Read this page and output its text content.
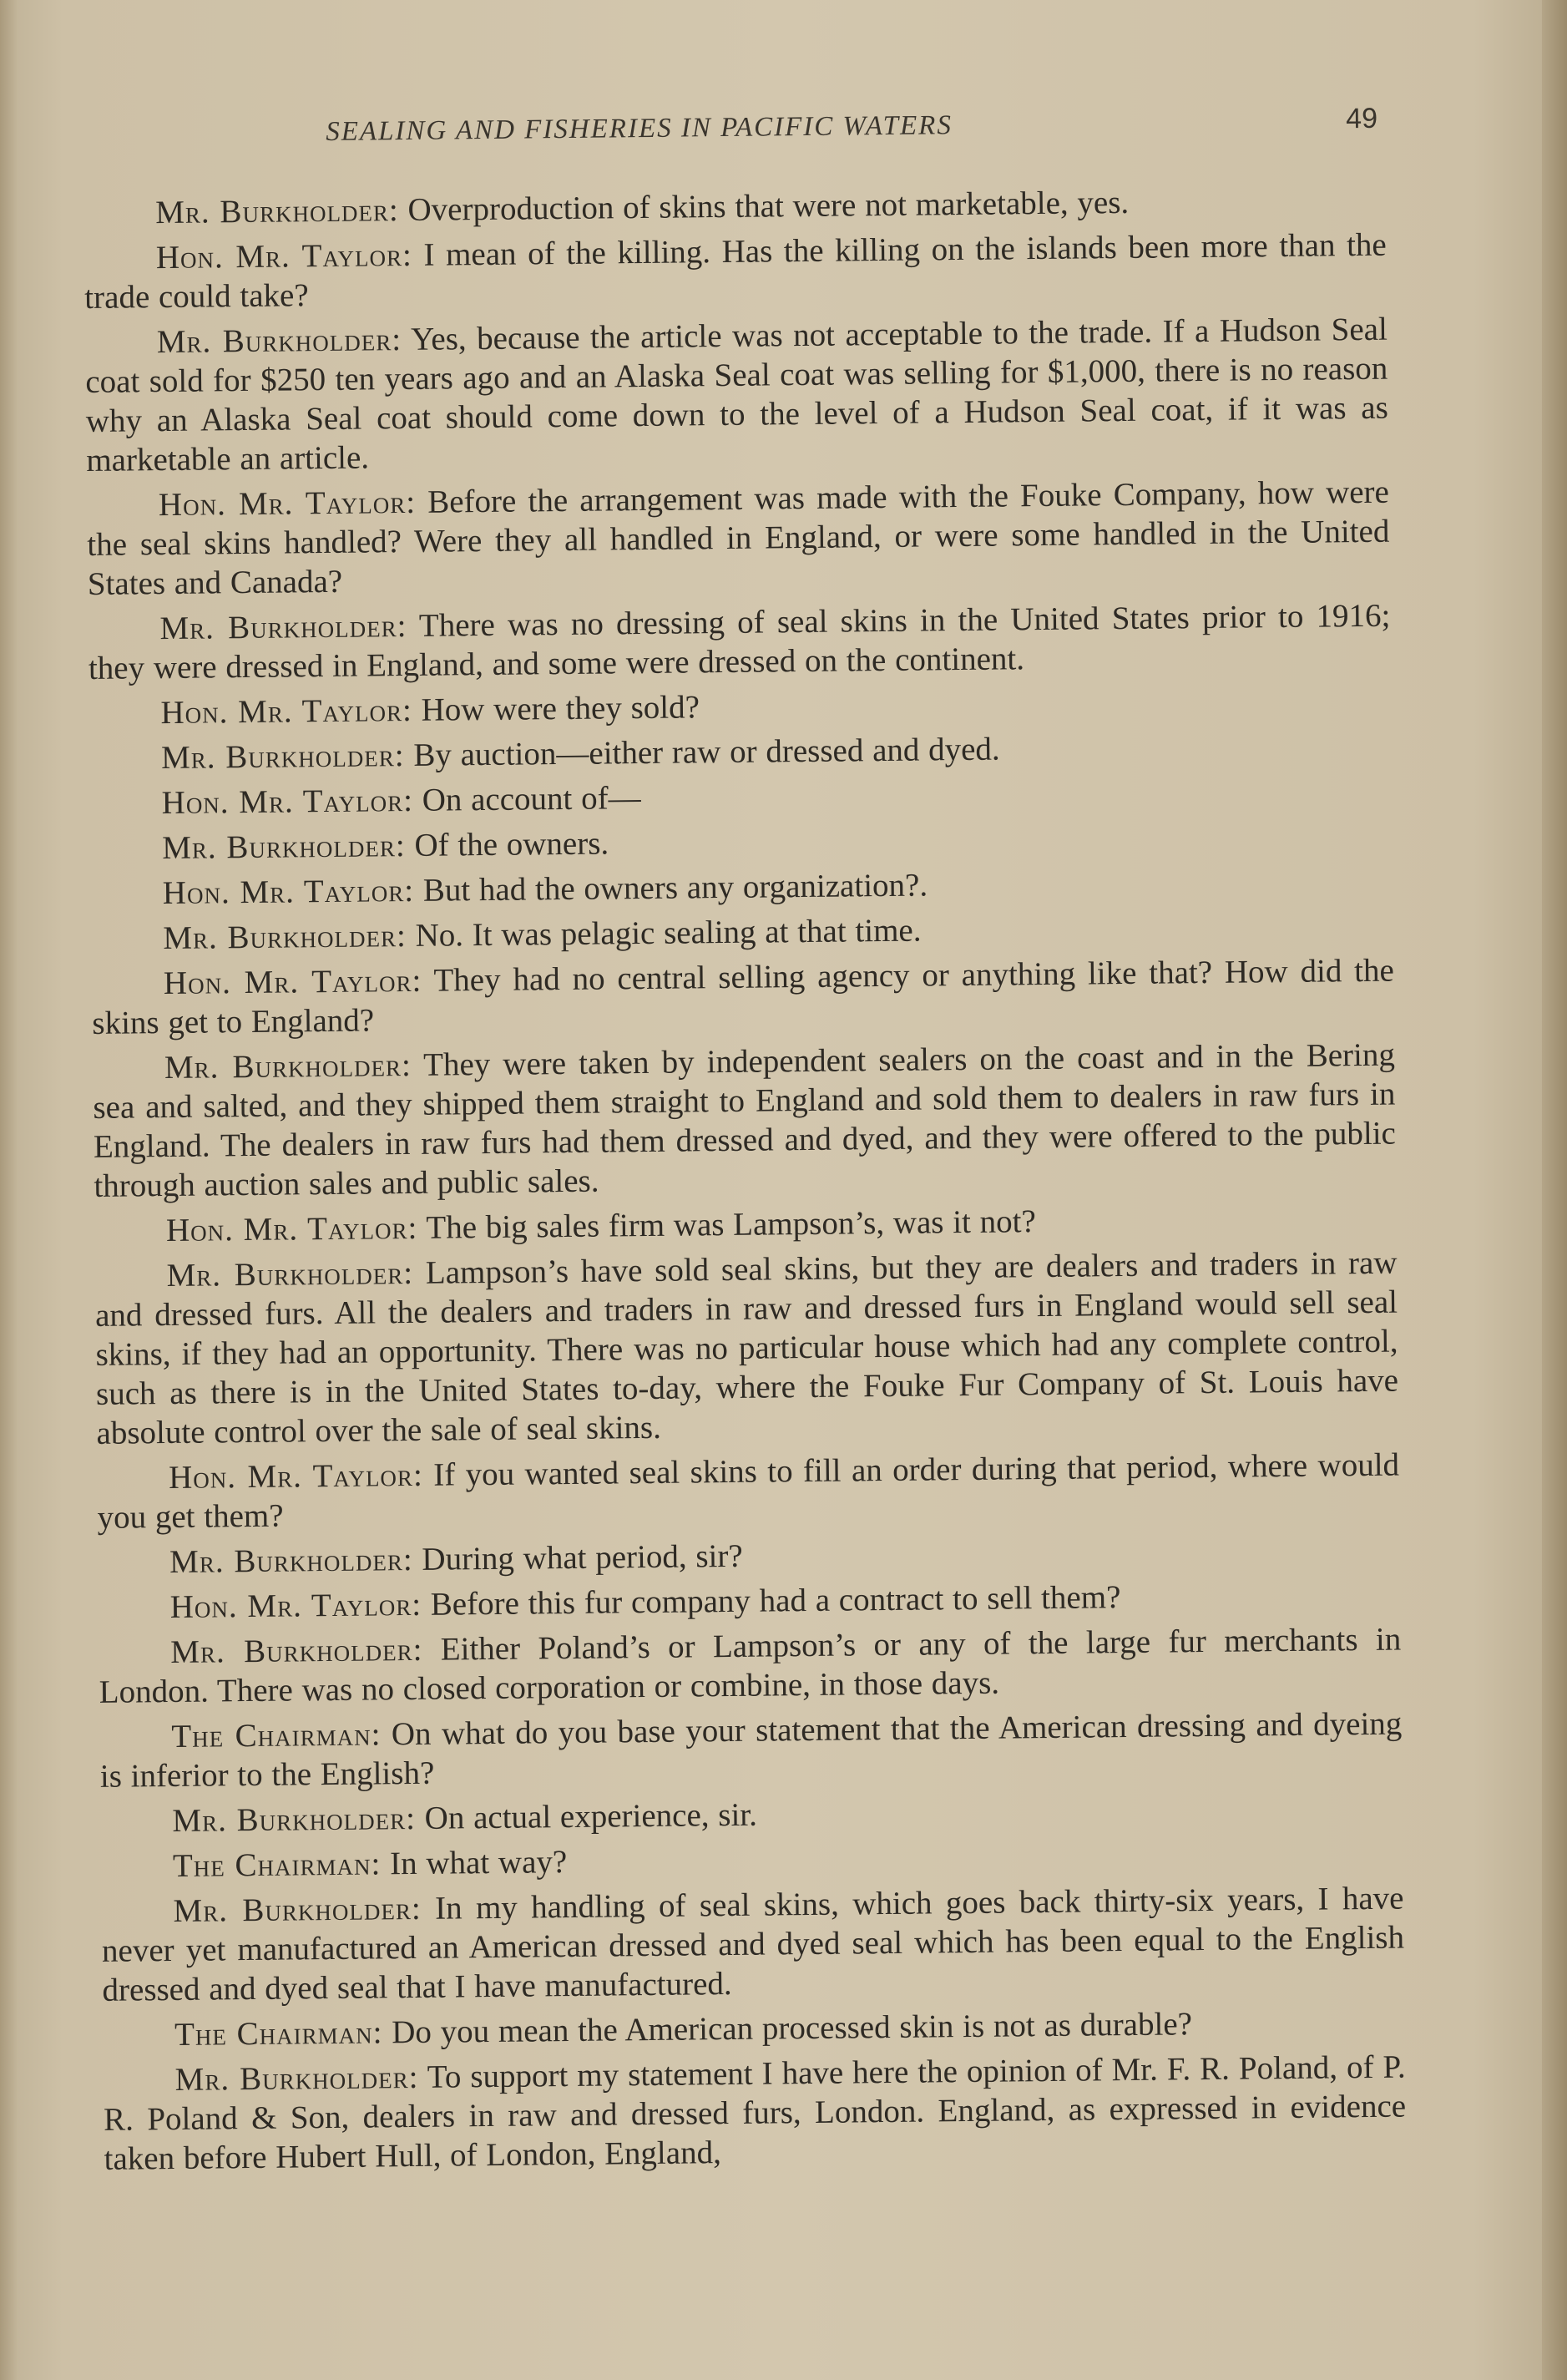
SEALING AND FISHERIES IN PACIFIC WATERS	49

Mr. Burkholder: Overproduction of skins that were not marketable, yes.

Hon. Mr. Taylor: I mean of the killing. Has the killing on the islands been more than the trade could take?

Mr. Burkholder: Yes, because the article was not acceptable to the trade. If a Hudson Seal coat sold for $250 ten years ago and an Alaska Seal coat was selling for $1,000, there is no reason why an Alaska Seal coat should come down to the level of a Hudson Seal coat, if it was as marketable an article.

Hon. Mr. Taylor: Before the arrangement was made with the Fouke Company, how were the seal skins handled? Were they all handled in England, or were some handled in the United States and Canada?

Mr. Burkholder: There was no dressing of seal skins in the United States prior to 1916; they were dressed in England, and some were dressed on the continent.

Hon. Mr. Taylor: How were they sold?

Mr. Burkholder: By auction—either raw or dressed and dyed.

Hon. Mr. Taylor: On account of—

Mr. Burkholder: Of the owners.

Hon. Mr. Taylor: But had the owners any organization?.

Mr. Burkholder: No. It was pelagic sealing at that time.

Hon. Mr. Taylor: They had no central selling agency or anything like that? How did the skins get to England?

Mr. Burkholder: They were taken by independent sealers on the coast and in the Bering sea and salted, and they shipped them straight to England and sold them to dealers in raw furs in England. The dealers in raw furs had them dressed and dyed, and they were offered to the public through auction sales and public sales.

Hon. Mr. Taylor: The big sales firm was Lampson’s, was it not?

Mr. Burkholder: Lampson’s have sold seal skins, but they are dealers and traders in raw and dressed furs. All the dealers and traders in raw and dressed furs in England would sell seal skins, if they had an opportunity. There was no particular house which had any complete control, such as there is in the United States to-day, where the Fouke Fur Company of St. Louis have absolute control over the sale of seal skins.

Hon. Mr. Taylor: If you wanted seal skins to fill an order during that period, where would you get them?

Mr. Burkholder: During what period, sir?

Hon. Mr. Taylor: Before this fur company had a contract to sell them?

Mr. Burkholder: Either Poland’s or Lampson’s or any of the large fur merchants in London. There was no closed corporation or combine, in those days.

The Chairman: On what do you base your statement that the American dressing and dyeing is inferior to the English?

Mr. Burkholder: On actual experience, sir.

The Chairman: In what way?

Mr. Burkholder: In my handling of seal skins, which goes back thirty-six years, I have never yet manufactured an American dressed and dyed seal which has been equal to the English dressed and dyed seal that I have manufactured.

The Chairman: Do you mean the American processed skin is not as durable?

Mr. Burkholder: To support my statement I have here the opinion of Mr. F. R. Poland, of P. R. Poland & Son, dealers in raw and dressed furs, London. England, as expressed in evidence taken before Hubert Hull, of London, England,
